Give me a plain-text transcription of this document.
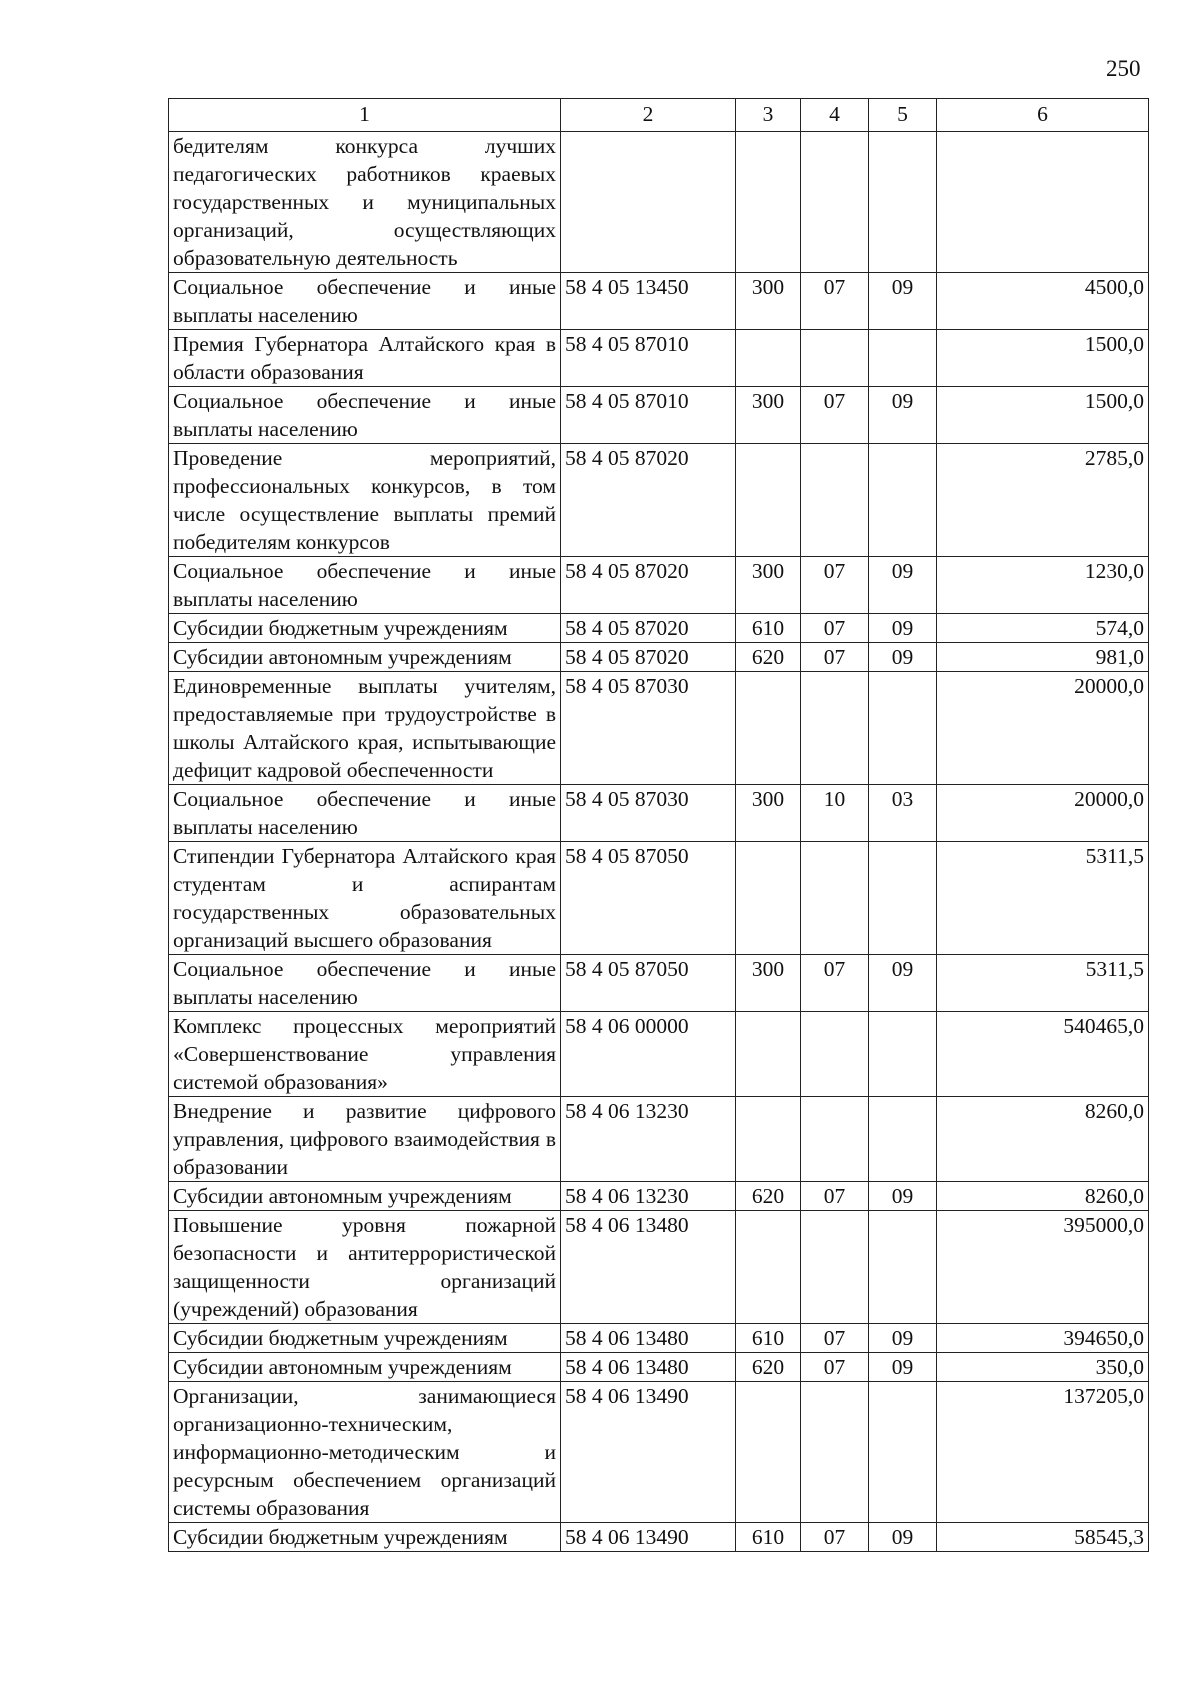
250
1	2	3	4	5	6
бедителям конкурса лучших педагогических работников краевых государственных и муниципальных организаций, осуществляющих образовательную деятельность					
Социальное обеспечение и иные выплаты населению	58 4 05 13450	300	07	09	4500,0
Премия Губернатора Алтайского края в области образования	58 4 05 87010				1500,0
Социальное обеспечение и иные выплаты населению	58 4 05 87010	300	07	09	1500,0
Проведение мероприятий, профессиональных конкурсов, в том числе осуществление выплаты премий победителям конкурсов	58 4 05 87020				2785,0
Социальное обеспечение и иные выплаты населению	58 4 05 87020	300	07	09	1230,0
Субсидии бюджетным учреждениям	58 4 05 87020	610	07	09	574,0
Субсидии автономным учреждениям	58 4 05 87020	620	07	09	981,0
Единовременные выплаты учителям, предоставляемые при трудоустройстве в школы Алтайского края, испытывающие дефицит кадровой обеспеченности	58 4 05 87030				20000,0
Социальное обеспечение и иные выплаты населению	58 4 05 87030	300	10	03	20000,0
Стипендии Губернатора Алтайского края студентам и аспирантам государственных образовательных организаций высшего образования	58 4 05 87050				5311,5
Социальное обеспечение и иные выплаты населению	58 4 05 87050	300	07	09	5311,5
Комплекс процессных мероприятий «Совершенствование управления системой образования»	58 4 06 00000				540465,0
Внедрение и развитие цифрового управления, цифрового взаимодействия в образовании	58 4 06 13230				8260,0
Субсидии автономным учреждениям	58 4 06 13230	620	07	09	8260,0
Повышение уровня пожарной безопасности и антитеррористической защищенности организаций (учреждений) образования	58 4 06 13480				395000,0
Субсидии бюджетным учреждениям	58 4 06 13480	610	07	09	394650,0
Субсидии автономным учреждениям	58 4 06 13480	620	07	09	350,0
Организации, занимающиеся организационно-техническим, информационно-методическим и ресурсным обеспечением организаций системы образования	58 4 06 13490				137205,0
Субсидии бюджетным учреждениям	58 4 06 13490	610	07	09	58545,3
